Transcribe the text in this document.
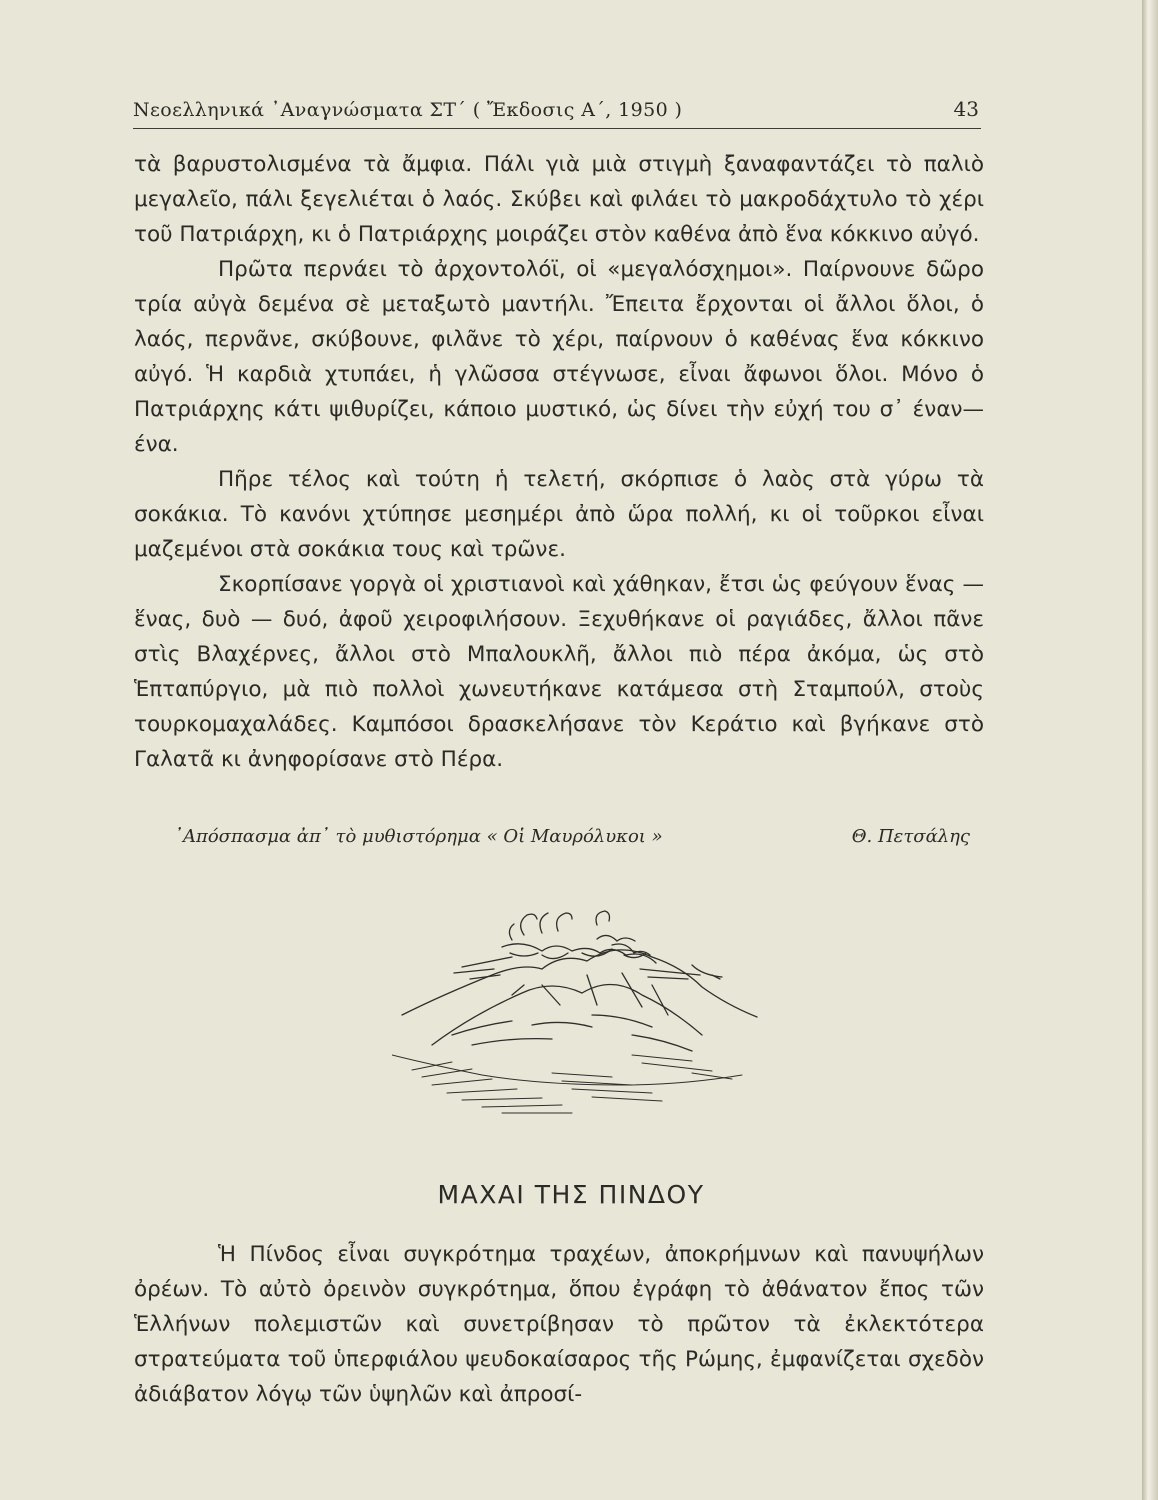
Νεοελληνικά ᾿Αναγνώσματα ΣΤ΄ ( Ἔκδοσις Α΄, 1950 )	43

τὰ βαρυστολισμένα τὰ ἄμφια. Πάλι γιὰ μιὰ στιγμὴ ξαναφαντάζει τὸ παλιὸ μεγαλεῖο, πάλι ξεγελιέται ὁ λαός. Σκύβει καὶ φιλάει τὸ μακροδάχτυλο τὸ χέρι τοῦ Πατριάρχη, κι ὁ Πατριάρχης μοιράζει στὸν καθένα ἀπὸ ἕνα κόκκινο αὐγό.

Πρῶτα περνάει τὸ ἀρχοντολόϊ, οἱ «μεγαλόσχημοι». Παίρνουνε δῶρο τρία αὐγὰ δεμένα σὲ μεταξωτὸ μαντήλι. Ἔπειτα ἔρχονται οἱ ἄλλοι ὅλοι, ὁ λαός, περνᾶνε, σκύβουνε, φιλᾶνε τὸ χέρι, παίρνουν ὁ καθένας ἕνα κόκκινο αὐγό. Ἡ καρδιὰ χτυπάει, ἡ γλῶσσα στέγνωσε, εἶναι ἄφωνοι ὅλοι. Μόνο ὁ Πατριάρχης κάτι ψιθυρίζει, κάποιο μυστικό, ὡς δίνει τὴν εὐχή του σ᾿ έναν—ένα.

Πῆρε τέλος καὶ τούτη ἡ τελετή, σκόρπισε ὁ λαὸς στὰ γύρω τὰ σοκάκια. Τὸ κανόνι χτύπησε μεσημέρι ἀπὸ ὥρα πολλή, κι οἱ τοῦρκοι εἶναι μαζεμένοι στὰ σοκάκια τους καὶ τρῶνε.

Σκορπίσανε γοργὰ οἱ χριστιανοὶ καὶ χάθηκαν, ἔτσι ὡς φεύγουν ἕνας — ἕνας, δυὸ — δυό, ἀφοῦ χειροφιλήσουν. Ξεχυθήκανε οἱ ραγιάδες, ἄλλοι πᾶνε στὶς Βλαχέρνες, ἄλλοι στὸ Μπαλουκλῆ, ἄλλοι πιὸ πέρα ἀκόμα, ὡς στὸ Ἑπταπύργιο, μὰ πιὸ πολλοὶ χωνευτήκανε κατάμεσα στὴ Σταμπούλ, στοὺς τουρκομαχαλάδες. Καμπόσοι δρασκελήσανε τὸν Κεράτιο καὶ βγήκανε στὸ Γαλατᾶ κι ἀνηφορίσανε στὸ Πέρα.

᾿Απόσπασμα ἀπ᾿ τὸ μυθιστόρημα « Οἱ Μαυρόλυκοι »	Θ. Πετσάλης
ΜΑΧΑΙ ΤΗΣ ΠΙΝΔΟΥ

Ἡ Πίνδος εἶναι συγκρότημα τραχέων, ἀποκρήμνων καὶ πανυψήλων ὀρέων. Τὸ αὐτὸ ὀρεινὸν συγκρότημα, ὅπου ἐγράφη τὸ ἀθάνατον ἔπος τῶν Ἑλλήνων πολεμιστῶν καὶ συνετρίβησαν τὸ πρῶτον τὰ ἐκλεκτότερα στρατεύματα τοῦ ὑπερφιάλου ψευδοκαίσαρος τῆς Ρώμης, ἐμφανίζεται σχεδὸν ἀδιάβατον λόγῳ τῶν ὑψηλῶν καὶ ἀπροσί-
